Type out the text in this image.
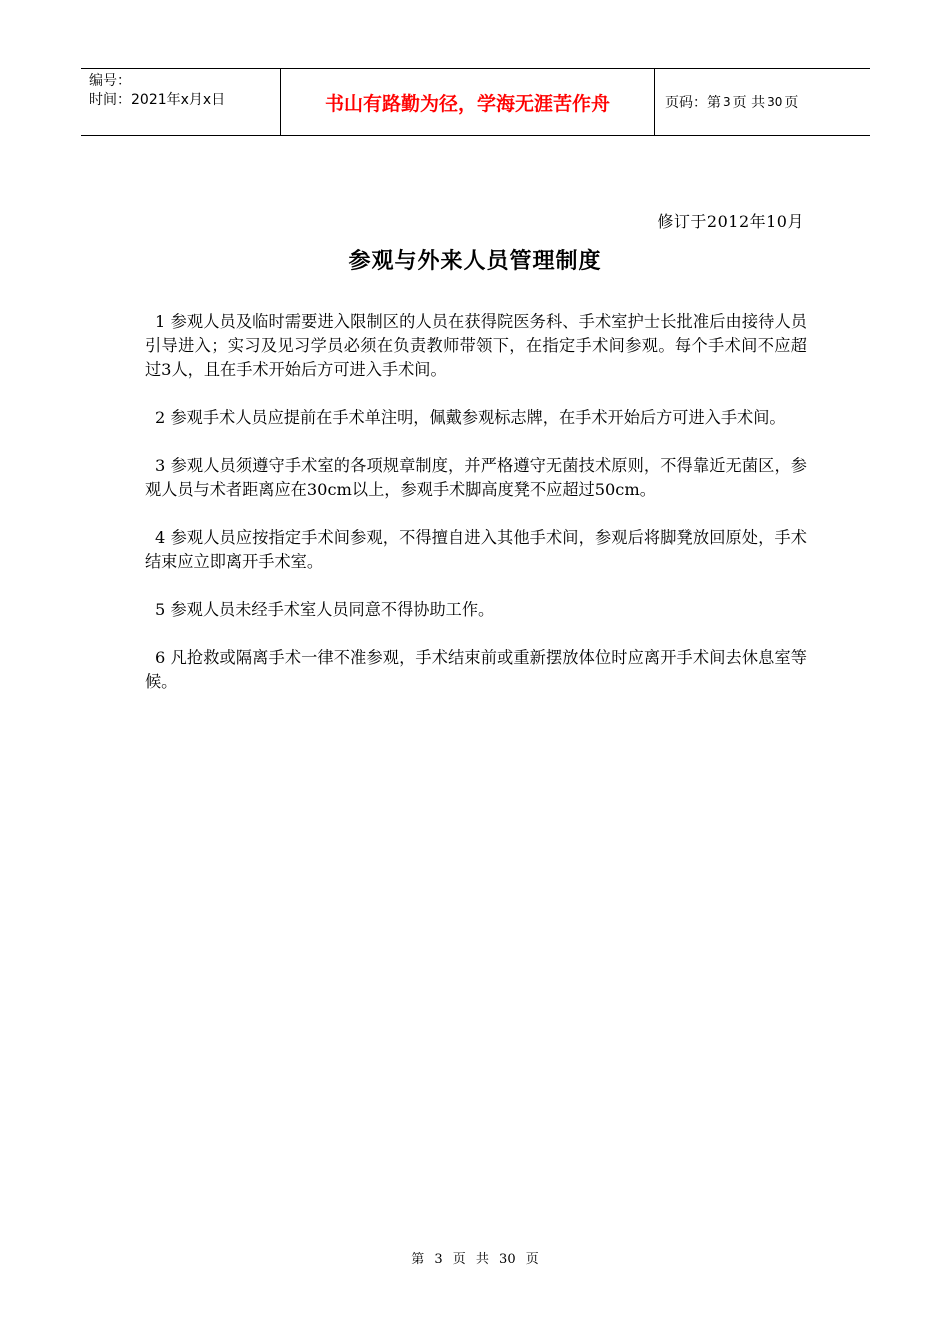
编号：
时间：2021年x月x日	书山有路勤为径，学海无涯苦作舟	页码：第 3 页 共 30 页
修订于2012年10月
参观与外来人员管理制度

1 参观人员及临时需要进入限制区的人员在获得院医务科、手术室护士长批准后由接待人员引导进入；实习及见习学员必须在负责教师带领下，在指定手术间参观。每个手术间不应超过3人，且在手术开始后方可进入手术间。

2 参观手术人员应提前在手术单注明，佩戴参观标志牌，在手术开始后方可进入手术间。

3 参观人员须遵守手术室的各项规章制度，并严格遵守无菌技术原则，不得靠近无菌区，参观人员与术者距离应在30cm以上，参观手术脚高度凳不应超过50cm。

4 参观人员应按指定手术间参观，不得擅自进入其他手术间，参观后将脚凳放回原处，手术结束应立即离开手术室。

5 参观人员未经手术室人员同意不得协助工作。

6 凡抢救或隔离手术一律不准参观，手术结束前或重新摆放体位时应离开手术间去休息室等候。

第 3 页 共 30 页
